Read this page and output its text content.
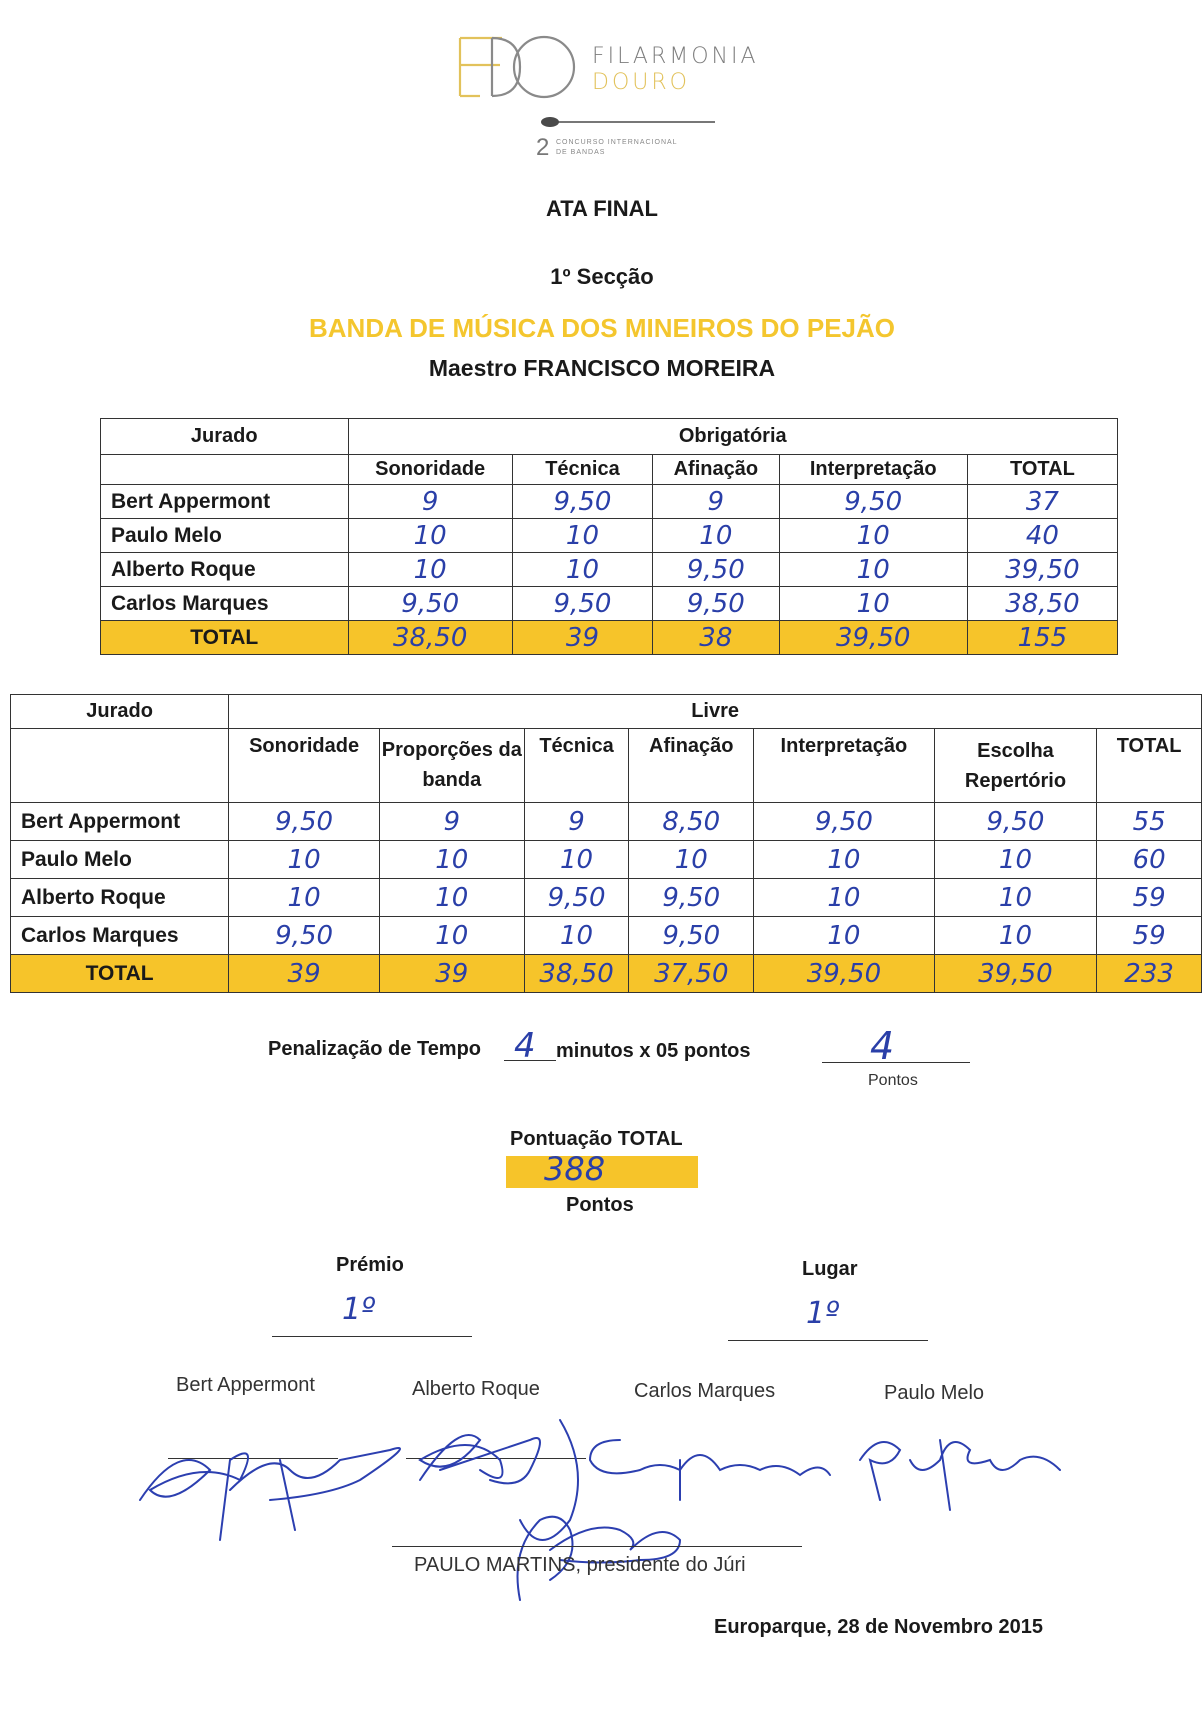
FILARMONIA
DOURO
2 CONCURSO INTERNACIONAL
DE BANDAS
ATA FINAL
1º Secção
BANDA DE MÚSICA DOS MINEIROS DO PEJÃO
Maestro FRANCISCO MOREIRA
Jurado	Obrigatória				
	Sonoridade	Técnica	Afinação	Interpretação	TOTAL
Bert Appermont	9	9,50	9	9,50	37
Paulo Melo	10	10	10	10	40
Alberto Roque	10	10	9,50	10	39,50
Carlos Marques	9,50	9,50	9,50	10	38,50
TOTAL	38,50	39	38	39,50	155
Jurado	Livre						
	Sonoridade	Proporções da banda	Técnica	Afinação	Interpretação	Escolha Repertório	TOTAL
Bert Appermont	9,50	9	9	8,50	9,50	9,50	55
Paulo Melo	10	10	10	10	10	10	60
Alberto Roque	10	10	9,50	9,50	10	10	59
Carlos Marques	9,50	10	10	9,50	10	10	59
TOTAL	39	39	38,50	37,50	39,50	39,50	233
Penalização de Tempo 4 minutos x 05 pontos	4
Pontos
Pontuação TOTAL
388
Pontos
Prémio
1º
Lugar
1º
Bert Appermont	Alberto Roque	Carlos Marques	Paulo Melo
PAULO MARTINS, presidente do Júri
Europarque, 28 de Novembro 2015
